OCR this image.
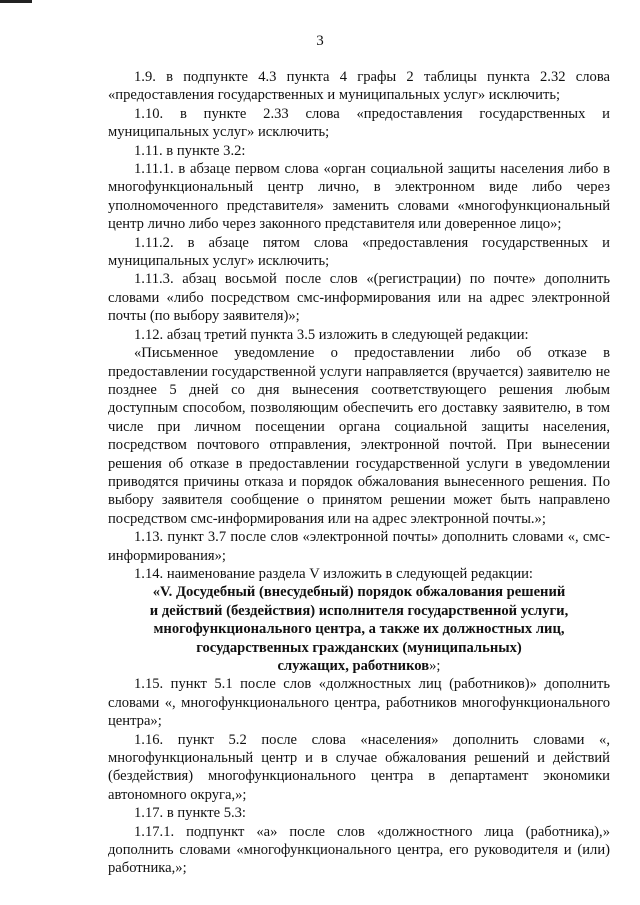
3

1.9. в подпункте 4.3 пункта 4 графы 2 таблицы пункта 2.32 слова «предоставления государственных и муниципальных услуг» исключить;

1.10. в пункте 2.33 слова «предоставления государственных и муниципальных услуг» исключить;

1.11. в пункте 3.2:

1.11.1. в абзаце первом слова «орган социальной защиты населения либо в многофункциональный центр лично, в электронном виде либо через уполномоченного представителя» заменить словами «многофункциональный центр лично либо через законного представителя или доверенное лицо»;

1.11.2. в абзаце пятом слова «предоставления государственных и муниципальных услуг» исключить;

1.11.3. абзац восьмой после слов «(регистрации) по почте» дополнить словами «либо посредством смс-информирования или на адрес электронной почты (по выбору заявителя)»;

1.12. абзац третий пункта 3.5 изложить в следующей редакции:

«Письменное уведомление о предоставлении либо об отказе в предоставлении государственной услуги направляется (вручается) заявителю не позднее 5 дней со дня вынесения соответствующего решения любым доступным способом, позволяющим обеспечить его доставку заявителю, в том числе при личном посещении органа социальной защиты населения, посредством почтового отправления, электронной почтой. При вынесении решения об отказе в предоставлении государственной услуги в уведомлении приводятся причины отказа и порядок обжалования вынесенного решения. По выбору заявителя сообщение о принятом решении может быть направлено посредством смс-информирования или на адрес электронной почты.»;

1.13. пункт 3.7 после слов «электронной почты» дополнить словами «, смс-информирования»;

1.14. наименование раздела V изложить в следующей редакции:

«V. Досудебный (внесудебный) порядок обжалования решений

и действий (бездействия) исполнителя государственной услуги,

многофункционального центра, а также их должностных лиц,

государственных гражданских (муниципальных)

служащих, работников»;

1.15. пункт 5.1 после слов «должностных лиц (работников)» дополнить словами «, многофункционального центра, работников многофункционального центра»;

1.16. пункт 5.2 после слова «населения» дополнить словами «, многофункциональный центр и в случае обжалования решений и действий (бездействия) многофункционального центра в департамент экономики автономного округа,»;

1.17. в пункте 5.3:

1.17.1. подпункт «а» после слов «должностного лица (работника),» дополнить словами «многофункционального центра, его руководителя и (или) работника,»;
